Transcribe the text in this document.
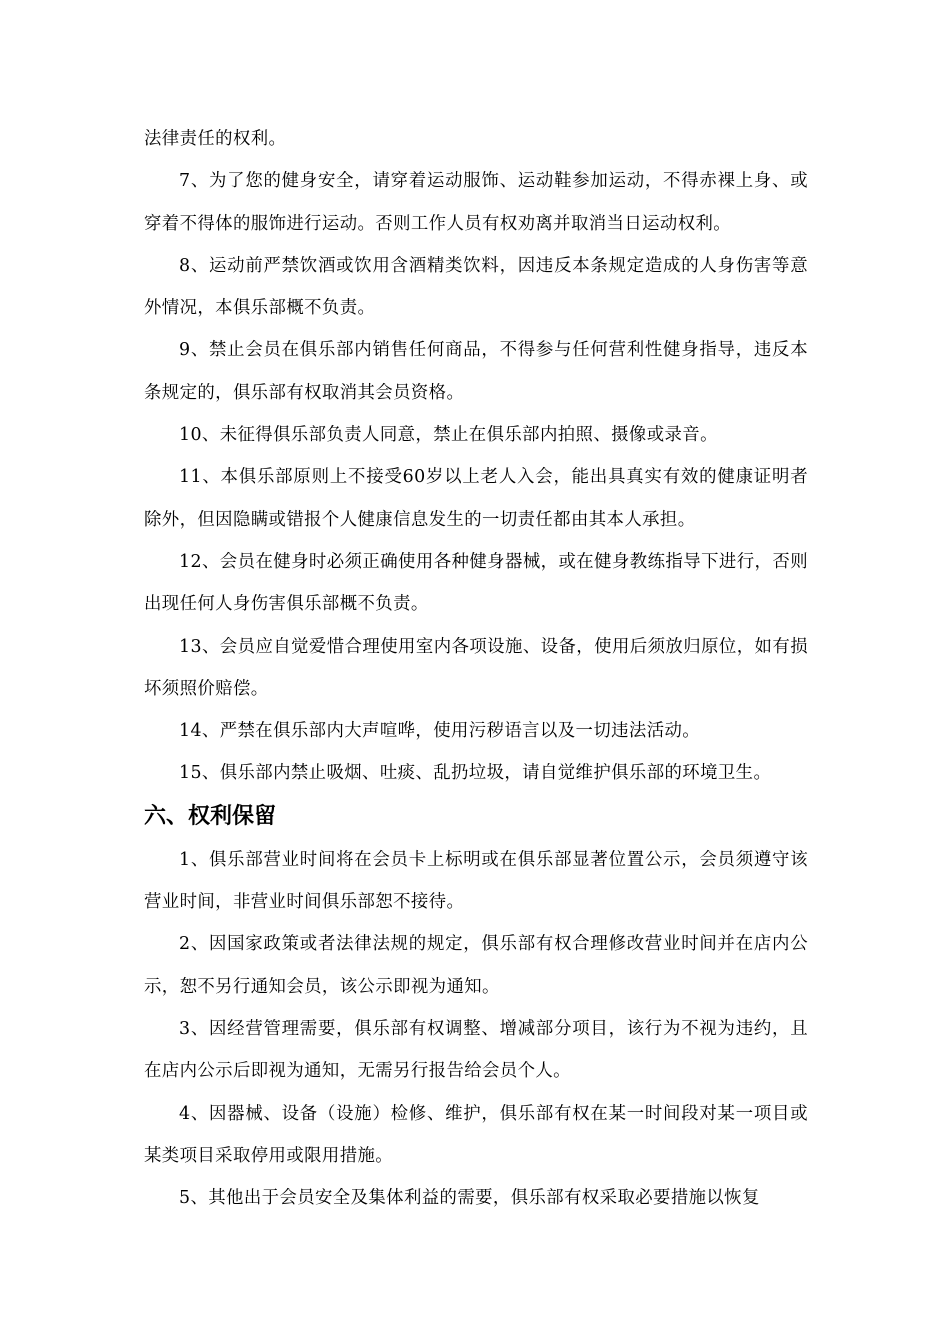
法律责任的权利。

7、为了您的健身安全，请穿着运动服饰、运动鞋参加运动，不得赤裸上身、或穿着不得体的服饰进行运动。否则工作人员有权劝离并取消当日运动权利。

8、运动前严禁饮酒或饮用含酒精类饮料，因违反本条规定造成的人身伤害等意外情况，本俱乐部概不负责。

9、禁止会员在俱乐部内销售任何商品，不得参与任何营利性健身指导，违反本条规定的，俱乐部有权取消其会员资格。

10、未征得俱乐部负责人同意，禁止在俱乐部内拍照、摄像或录音。

11、本俱乐部原则上不接受60岁以上老人入会，能出具真实有效的健康证明者除外，但因隐瞒或错报个人健康信息发生的一切责任都由其本人承担。

12、会员在健身时必须正确使用各种健身器械，或在健身教练指导下进行，否则出现任何人身伤害俱乐部概不负责。

13、会员应自觉爱惜合理使用室内各项设施、设备，使用后须放归原位，如有损坏须照价赔偿。

14、严禁在俱乐部内大声喧哗，使用污秽语言以及一切违法活动。

15、俱乐部内禁止吸烟、吐痰、乱扔垃圾，请自觉维护俱乐部的环境卫生。

六、权利保留

1、俱乐部营业时间将在会员卡上标明或在俱乐部显著位置公示，会员须遵守该营业时间，非营业时间俱乐部恕不接待。

2、因国家政策或者法律法规的规定，俱乐部有权合理修改营业时间并在店内公示，恕不另行通知会员，该公示即视为通知。

3、因经营管理需要，俱乐部有权调整、增减部分项目，该行为不视为违约，且在店内公示后即视为通知，无需另行报告给会员个人。

4、因器械、设备（设施）检修、维护，俱乐部有权在某一时间段对某一项目或某类项目采取停用或限用措施。

5、其他出于会员安全及集体利益的需要，俱乐部有权采取必要措施以恢复
